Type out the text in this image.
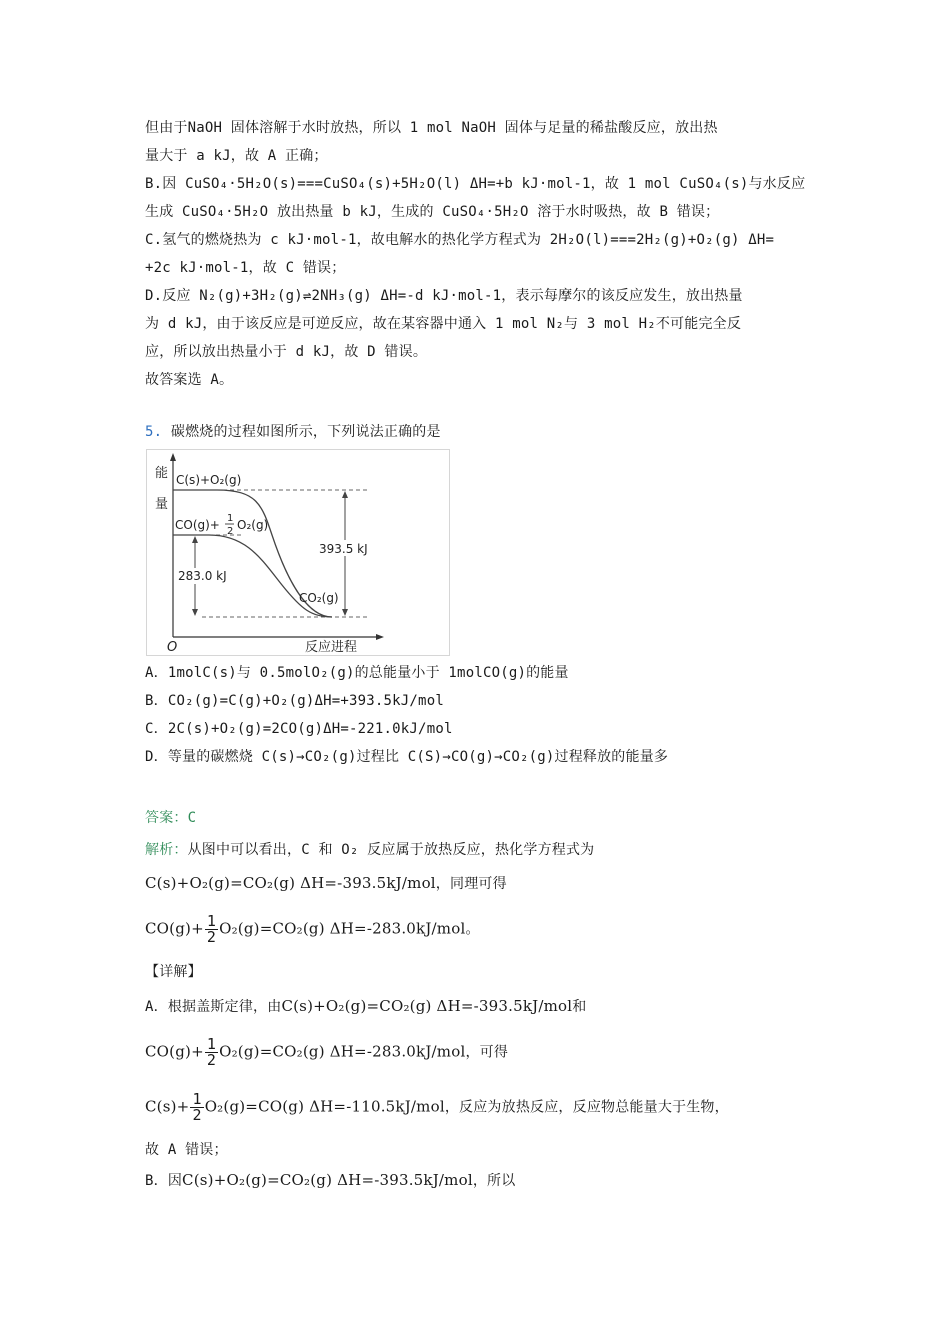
但由于NaOH 固体溶解于水时放热，所以 1 mol NaOH 固体与足量的稀盐酸反应，放出热
量大于 a kJ，故 A 正确；
B.因 CuSO₄·5H₂O(s)===CuSO₄(s)+5H₂O(l) ΔH=+b kJ·mol-1，故 1 mol CuSO₄(s)与水反应
生成 CuSO₄·5H₂O 放出热量 b kJ，生成的 CuSO₄·5H₂O 溶于水时吸热，故 B 错误；
C.氢气的燃烧热为 c kJ·mol-1，故电解水的热化学方程式为 2H₂O(l)===2H₂(g)+O₂(g) ΔH=
+2c kJ·mol-1，故 C 错误；
D.反应 N₂(g)+3H₂(g)⇌2NH₃(g) ΔH=-d kJ·mol-1，表示每摩尔的该反应发生，放出热量
为 d kJ，由于该反应是可逆反应，故在某容器中通入 1 mol N₂与 3 mol H₂不可能完全反
应，所以放出热量小于 d kJ，故 D 错误。
故答案选 A。
5. 碳燃烧的过程如图所示，下列说法正确的是
能
量
O	反应进程
393.5 kJ
283.0 kJ
C(s)+O₂(g)
CO(g)+ 1
2 O₂(g)
CO₂(g)
A．1molC(s)与 0.5molO₂(g)的总能量小于 1molCO(g)的能量
B．CO₂(g)=C(g)+O₂(g)ΔH=+393.5kJ/mol
C．2C(s)+O₂(g)=2CO(g)ΔH=-221.0kJ/mol
D．等量的碳燃烧 C(s)→CO₂(g)过程比 C(S)→CO(g)→CO₂(g)过程释放的能量多
答案：C
解析：从图中可以看出，C 和 O₂ 反应属于放热反应，热化学方程式为
C(s)+O₂(g)=CO₂(g) ΔH=-393.5kJ/mol，同理可得
$CO(g)+ \frac{1}{2} O_2(g)=CO_2(g)$ ΔH=-283.0kJ/mol。
【详解】
A．根据盖斯定律，由C(s)+O₂(g)=CO₂(g) ΔH=-393.5kJ/mol和
$CO(g)+ \frac{1}{2} O_2(g)=CO_2(g)$ ΔH=-283.0kJ/mol，可得
$C(s)+ \frac{1}{2} O_2(g)=CO(g)$ ΔH=-110.5kJ/mol，反应为放热反应，反应物总能量大于生物，
故 A 错误；
B．因C(s)+O₂(g)=CO₂(g) ΔH=-393.5kJ/mol，所以
